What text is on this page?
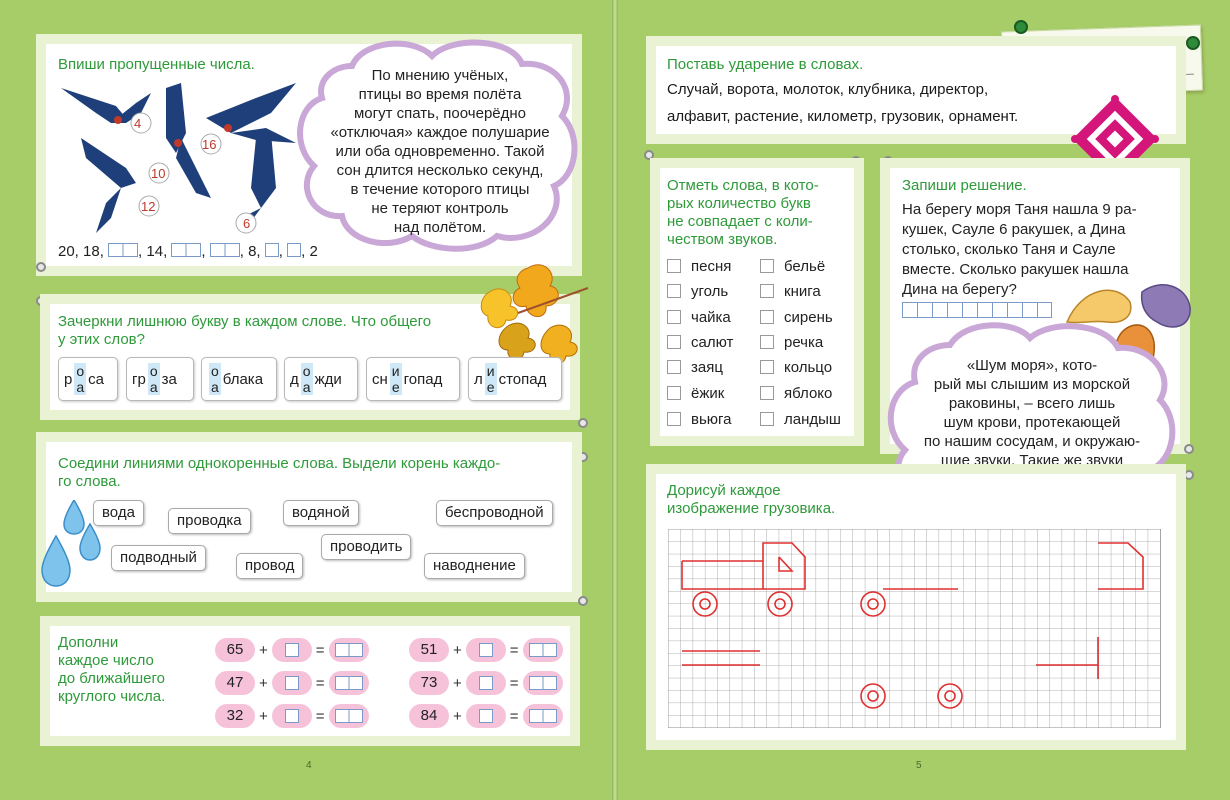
Впиши пропущенные числа.
4
16
10
12
6
20, 18, , 14, , , 8, , , 2
По мнению учёных,
птицы во время полёта
могут спать, поочерёдно
«отключая» каждое полушарие
или оба одновременно. Такой
сон длится несколько секунд,
в течение которого птицы
не теряют контроль
над полётом.
Зачеркни лишнюю букву в каждом слове. Что общего
у этих слов?
р о
а са гр о
а за о
а блака д о
а жди сн и
е гопад л и
е стопад
Соедини линиями однокоренные слова. Выдели корень каждо-
го слова.
вода	проводка	водяной	беспроводной
подводный	провод
проводить
наводнение
Дополни
каждое число
до ближайшего
круглого числа.
65	+	=
47	+	=
32	+	=
51	+	=
73	+	=
84	+	=
4
Поставь ударение в словах.
Случай, ворота, молоток, клубника, директор,
алфавит, растение, километр, грузовик, орнамент.
Отметь слова, в кото-
рых количество букв
не совпадает с коли-
чеством звуков.
песня
уголь
чайка
салют
заяц
ёжик
вьюга
бельё
книга
сирень
речка
кольцо
яблоко
ландыш
Запиши решение.
На берегу моря Таня нашла 9 ра-
кушек, Сауле 6 ракушек, а Дина
столько, сколько Таня и Сауле
вместе. Сколько ракушек нашла
Дина на берегу?
«Шум моря», кото-
рый мы слышим из морской
раковины, – всего лишь
шум крови, протекающей
по нашим сосудам, и окружаю-
щие звуки. Такие же звуки
Дорисуй каждое
изображение грузовика.
5
